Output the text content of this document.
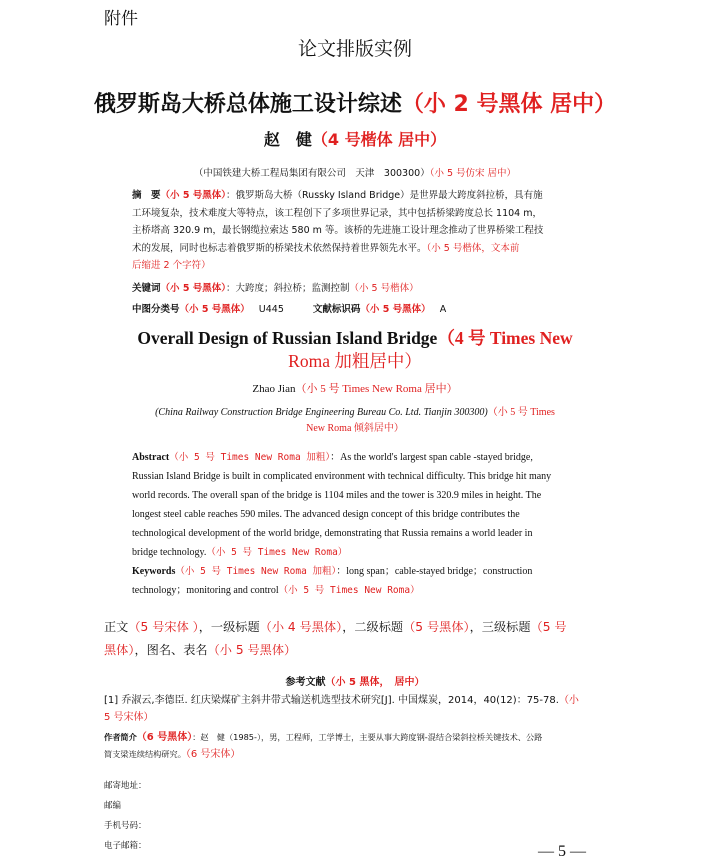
附件
论文排版实例
俄罗斯岛大桥总体施工设计综述（小 2 号黑体 居中）
赵　健（4 号楷体 居中）
（中国铁建大桥工程局集团有限公司　天津　300300）（小 5 号仿宋 居中）
摘　要（小 5 号黑体）：俄罗斯岛大桥（Russky Island Bridge）是世界最大跨度斜拉桥，具有施
工环境复杂，技术难度大等特点，该工程创下了多项世界记录，其中包括桥梁跨度总长 1104 m，
主桥塔高 320.9 m，最长钢缆拉索达 580 m 等。该桥的先进施工设计理念推动了世界桥梁工程技
术的发展，同时也标志着俄罗斯的桥梁技术依然保持着世界领先水平。（小 5 号楷体，文本前
后缩进 2 个字符）
关键词（小 5 号黑体）：大跨度；斜拉桥；监测控制（小 5 号楷体）
中图分类号（小 5 号黑体） U445	文献标识码（小 5 号黑体） A
Overall Design of Russian Island Bridge（4 号 Times New
Roma 加粗居中）
Zhao Jian（小 5 号 Times New Roma 居中）
(China Railway Construction Bridge Engineering Bureau Co. Ltd. Tianjin 300300)（小 5 号 Times
New Roma 倾斜居中）
Abstract（小 5 号 Times New Roma 加粗）：As the world's largest span cable -stayed bridge,
Russian Island Bridge is built in complicated environment with technical difficulty. This bridge hit many
world records. The overall span of the bridge is 1104 miles and the tower is 320.9 miles in height. The
longest steel cable reaches 590 miles. The advanced design concept of this bridge contributes the
technological development of the world bridge, demonstrating that Russia remains a world leader in
bridge technology.（小 5 号 Times New Roma）
Keywords（小 5 号 Times New Roma 加粗）：long span；cable-stayed bridge；construction
technology；monitoring and control（小 5 号 Times New Roma）
正文（5 号宋体 ），一级标题（小 4 号黑体），二级标题（5 号黑体），三级标题（5 号
黑体），图名、表名（小 5 号黑体）
参考文献（小 5 黑体，　居中）
[1] 乔淑云,李德臣. 红庆梁煤矿主斜井带式输送机选型技术研究[J]. 中国煤炭，2014，40(12)：75-78.（小
5 号宋体）
作者简介（6 号黑体）：赵　健（1985-），男，工程师，工学博士，主要从事大跨度钢-混结合梁斜拉桥关键技术、公路
简支梁连续结构研究。（6 号宋体）
邮寄地址：
邮编
手机号码：
电子邮箱：	— 5 —
